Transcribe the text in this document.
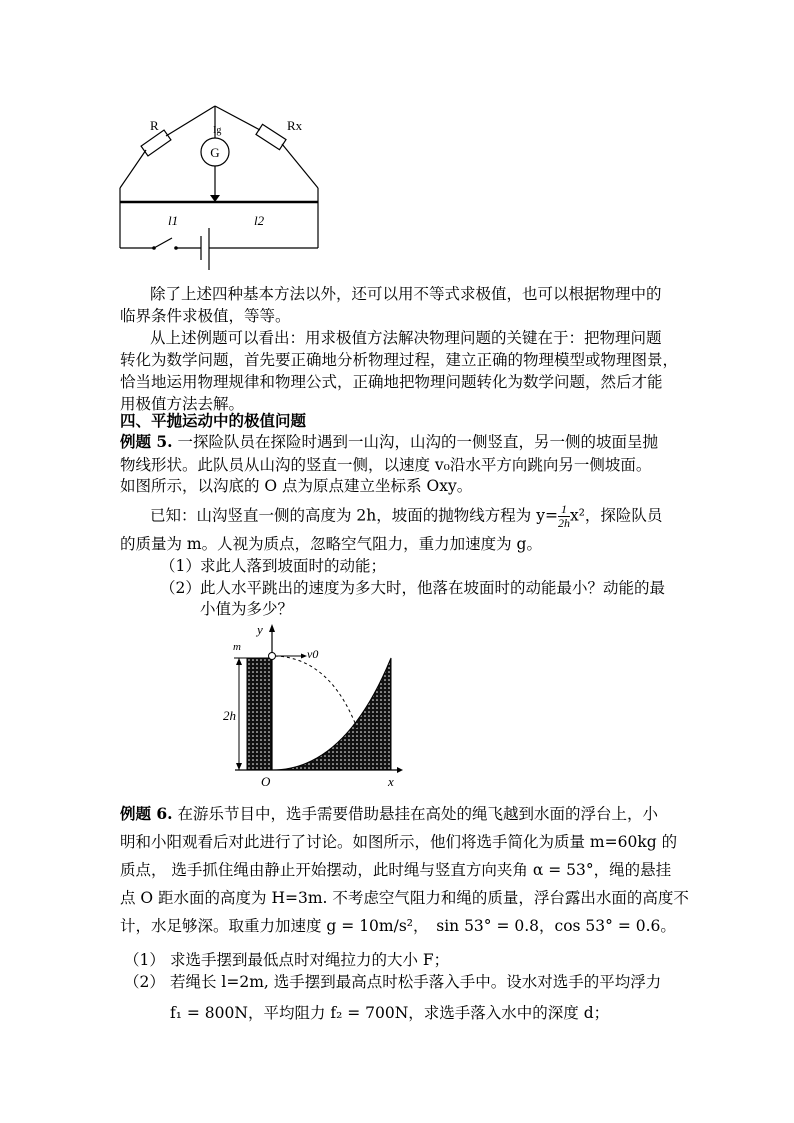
R	Ig
G
Rx
l1	l2
除了上述四种基本方法以外，还可以用不等式求极值，也可以根据物理中的
临界条件求极值，等等。
从上述例题可以看出：用求极值方法解决物理问题的关键在于：把物理问题
转化为数学问题，首先要正确地分析物理过程，建立正确的物理模型或物理图景，
恰当地运用物理规律和物理公式，正确地把物理问题转化为数学问题，然后才能
用极值方法去解。
四、平抛运动中的极值问题
例题 5. 一探险队员在探险时遇到一山沟，山沟的一侧竖直，另一侧的坡面呈抛
物线形状。此队员从山沟的竖直一侧，以速度 v₀沿水平方向跳向另一侧坡面。
如图所示，以沟底的 O 点为原点建立坐标系 Oxy。
已知：山沟竖直一侧的高度为 2h，坡面的抛物线方程为 $y= \frac{1}{2h} x^2$，探险队员
的质量为 m。人视为质点，忽略空气阻力，重力加速度为 g。
（1） 求此人落到坡面时的动能；
（2） 此人水平跳出的速度为多大时，他落在坡面时的动能最小？动能的最
小值为多少？
y
m	v0
2h
O	x
例题 6. 在游乐节目中，选手需要借助悬挂在高处的绳飞越到水面的浮台上，小
明和小阳观看后对此进行了讨论。如图所示，他们将选手简化为质量 m=60kg 的
质点， 选手抓住绳由静止开始摆动，此时绳与竖直方向夹角 α = 53°，绳的悬挂
点 O 距水面的高度为 H=3m. 不考虑空气阻力和绳的质量，浮台露出水面的高度不
计，水足够深。取重力加速度 g = 10m/s²，　sin 53° = 0.8，cos 53° = 0.6。
（1） 求选手摆到最低点时对绳拉力的大小 F；
（2） 若绳长 l=2m, 选手摆到最高点时松手落入手中。设水对选手的平均浮力
f₁ = 800N，平均阻力 f₂ = 700N，求选手落入水中的深度 d；
